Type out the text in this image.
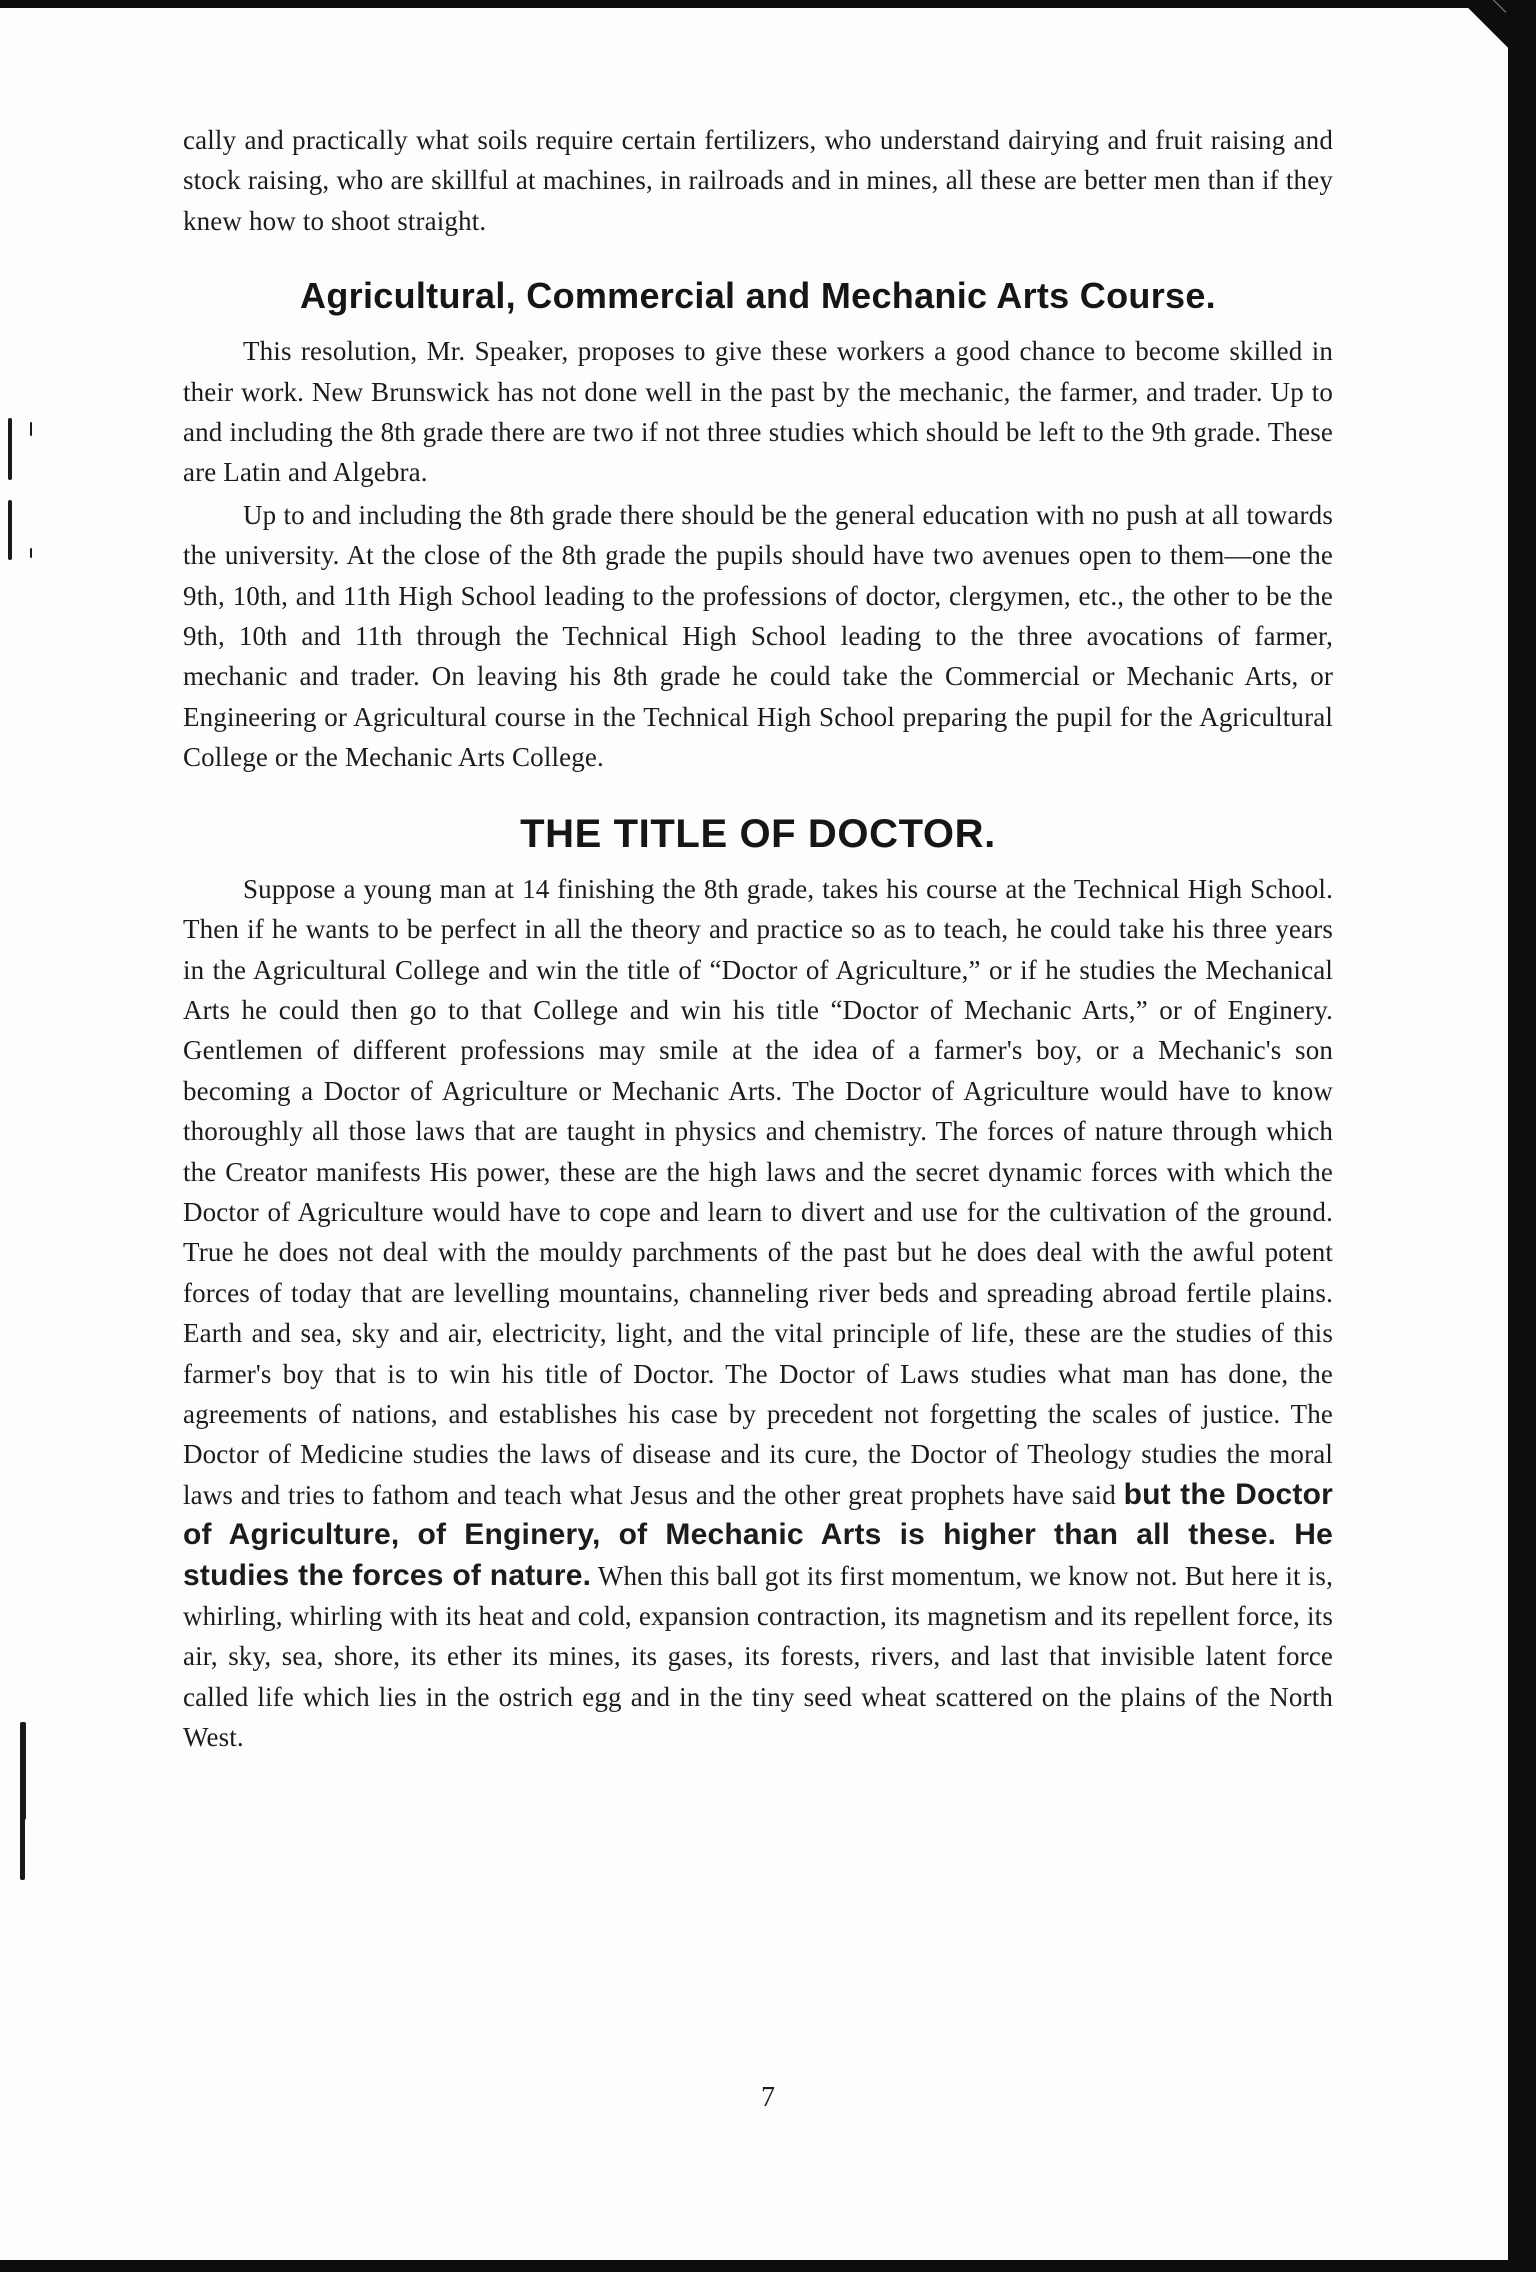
cally and practically what soils require certain fertilizers, who understand dairying and fruit raising and stock raising, who are skillful at machines, in railroads and in mines, all these are better men than if they knew how to shoot straight.

Agricultural, Commercial and Mechanic Arts Course.

This resolution, Mr. Speaker, proposes to give these workers a good chance to become skilled in their work. New Brunswick has not done well in the past by the mechanic, the farmer, and trader. Up to and including the 8th grade there are two if not three studies which should be left to the 9th grade. These are Latin and Algebra.

Up to and including the 8th grade there should be the general education with no push at all towards the university. At the close of the 8th grade the pupils should have two avenues open to them—one the 9th, 10th, and 11th High School leading to the professions of doctor, clergymen, etc., the other to be the 9th, 10th and 11th through the Technical High School leading to the three avocations of farmer, mechanic and trader. On leaving his 8th grade he could take the Commercial or Mechanic Arts, or Engineering or Agricultural course in the Technical High School preparing the pupil for the Agricultural College or the Mechanic Arts College.

THE TITLE OF DOCTOR.

Suppose a young man at 14 finishing the 8th grade, takes his course at the Technical High School. Then if he wants to be perfect in all the theory and practice so as to teach, he could take his three years in the Agricultural College and win the title of “Doctor of Agriculture,” or if he studies the Mechanical Arts he could then go to that College and win his title “Doctor of Mechanic Arts,” or of Enginery. Gentlemen of different professions may smile at the idea of a farmer's boy, or a Mechanic's son becoming a Doctor of Agriculture or Mechanic Arts. The Doctor of Agriculture would have to know thoroughly all those laws that are taught in physics and chemistry. The forces of nature through which the Creator manifests His power, these are the high laws and the secret dynamic forces with which the Doctor of Agriculture would have to cope and learn to divert and use for the cultivation of the ground. True he does not deal with the mouldy parchments of the past but he does deal with the awful potent forces of today that are levelling mountains, channeling river beds and spreading abroad fertile plains. Earth and sea, sky and air, electricity, light, and the vital principle of life, these are the studies of this farmer's boy that is to win his title of Doctor. The Doctor of Laws studies what man has done, the agreements of nations, and establishes his case by precedent not forgetting the scales of justice. The Doctor of Medicine studies the laws of disease and its cure, the Doctor of Theology studies the moral laws and tries to fathom and teach what Jesus and the other great prophets have said but the Doctor of Agriculture, of Enginery, of Mechanic Arts is higher than all these. He studies the forces of nature. When this ball got its first momentum, we know not. But here it is, whirling, whirling with its heat and cold, expansion contraction, its magnetism and its repellent force, its air, sky, sea, shore, its ether its mines, its gases, its forests, rivers, and last that invisible latent force called life which lies in the ostrich egg and in the tiny seed wheat scattered on the plains of the North West.

7
